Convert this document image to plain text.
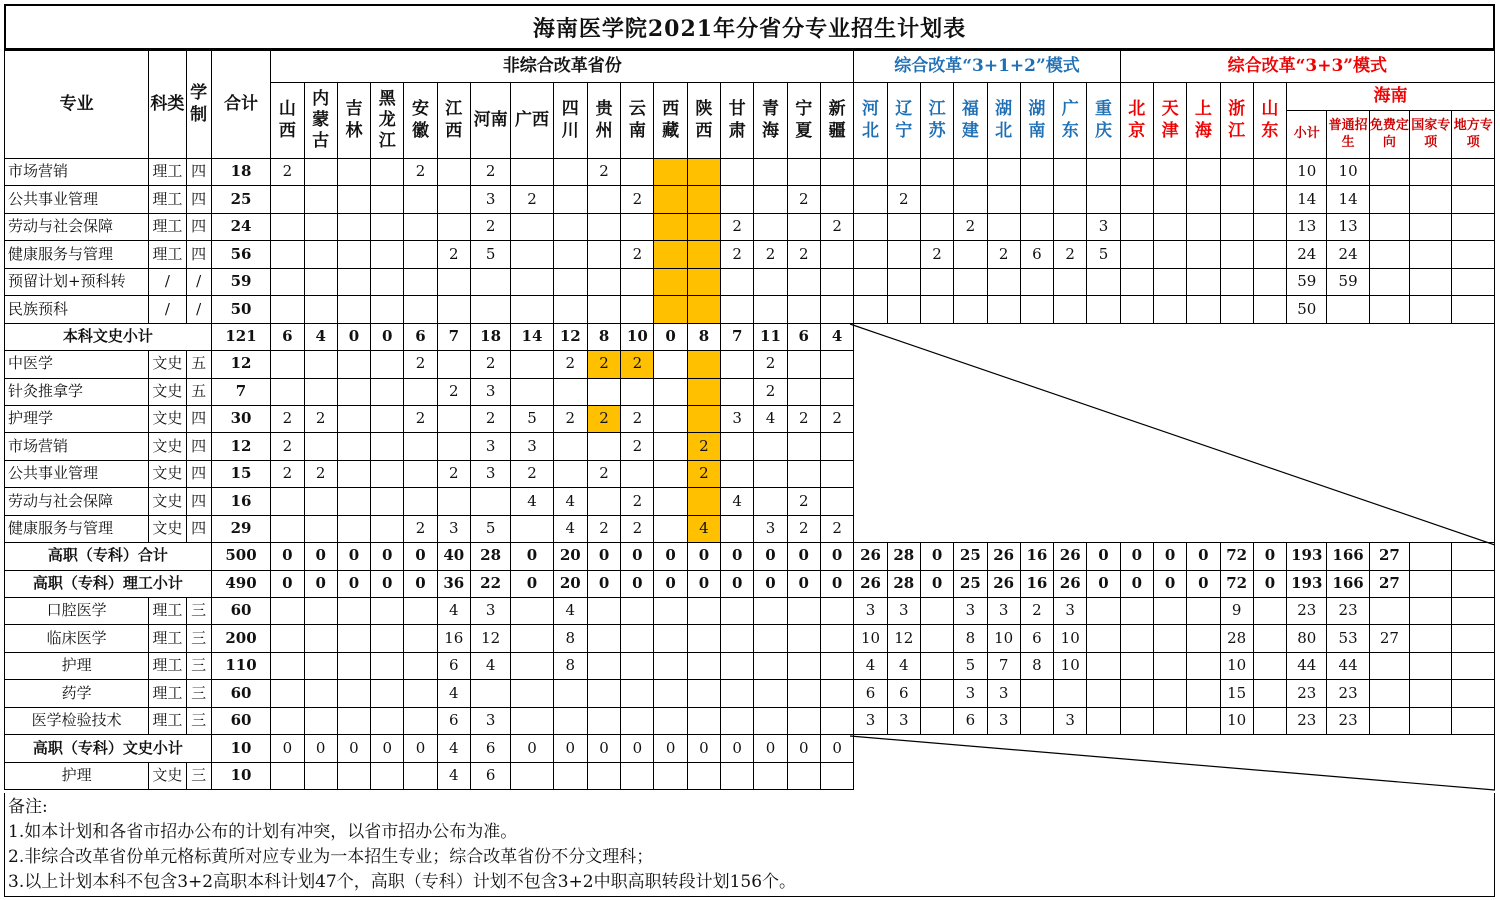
海南医学院2021年分省分专业招生计划表
专业	科类	学制	合计	非综合改革省份																	综合改革“3+1+2”模式								综合改革“3+3”模式									
				山西	内蒙古	吉林	黑龙江	安徽	江西	河南	广西	四川	贵州	云南	西藏	陕西	甘肃	青海	宁夏	新疆	河北	辽宁	江苏	福建	湖北	湖南	广东	重庆	北京	天津	上海	浙江	山东	海南				
																																		小计	普通招生	免费定向	国家专项	地方专项
市场营销	理工	四	18	2				2		2			2																					10	10			
公共事业管理	理工	四	25							3	2			2					2			2												14	14			
劳动与社会保障	理工	四	24							2							2			2				2				3						13	13			
健康服务与管理	理工	四	56						2	5				2			2	2	2				2		2	6	2	5						24	24			
预留计划+预科转	/	/	59																															59	59			
民族预科	/	/	50																															50				
本科文史小计			121	6	4	0	0	6	7	18	14	12	8	10	0	8	7	11	6	4																		
中医学	文史	五	12					2		2		2	2	2				2																				
针灸推拿学	文史	五	7						2	3								2																				
护理学	文史	四	30	2	2			2		2	5	2	2	2			3	4	2	2																		
市场营销	文史	四	12	2						3	3			2		2																						
公共事业管理	文史	四	15	2	2				2	3	2		2			2																						
劳动与社会保障	文史	四	16								4	4		2			4		2																			
健康服务与管理	文史	四	29					2	3	5		4	2	2		4		3	2	2																		
高职（专科）合计			500	0	0	0	0	0	40	28	0	20	0	0	0	0	0	0	0	0	26	28	0	25	26	16	26	0	0	0	0	72	0	193	166	27		
高职（专科）理工小计			490	0	0	0	0	0	36	22	0	20	0	0	0	0	0	0	0	0	26	28	0	25	26	16	26	0	0	0	0	72	0	193	166	27		
口腔医学	理工	三	60						4	3		4									3	3		3	3	2	3					9		23	23			
临床医学	理工	三	200						16	12		8									10	12		8	10	6	10					28		80	53	27		
护理	理工	三	110						6	4		8									4	4		5	7	8	10					10		44	44			
药学	理工	三	60						4												6	6		3	3							15		23	23			
医学检验技术	理工	三	60						6	3											3	3		6	3		3					10		23	23			
高职（专科）文史小计			10	0	0	0	0	0	4	6	0	0	0	0	0	0	0	0	0	0																		
护理	文史	三	10						4	6																												
备注:
1.如本计划和各省市招办公布的计划有冲突，以省市招办公布为准。
2.非综合改革省份单元格标黄所对应专业为一本招生专业；综合改革省份不分文理科；
3.以上计划本科不包含3+2高职本科计划47个，高职（专科）计划不包含3+2中职高职转段计划156个。
